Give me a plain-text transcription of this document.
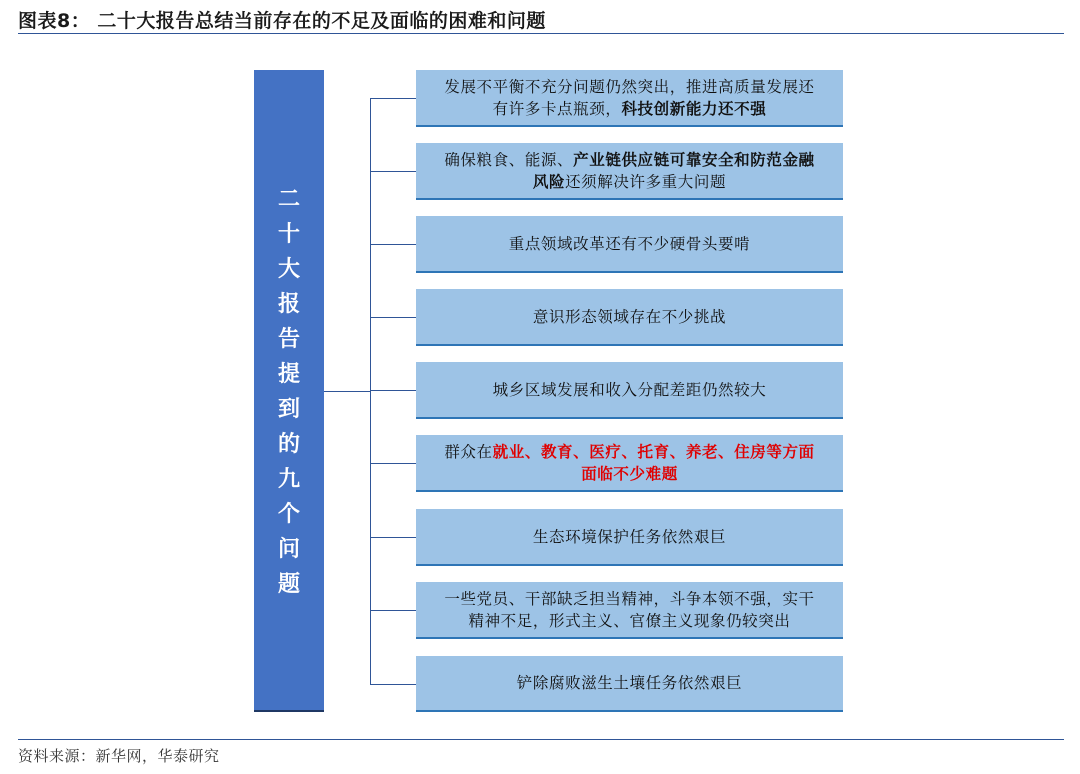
图表8： 二十大报告总结当前存在的不足及面临的困难和问题
二
十
大
报
告
提
到
的
九
个
问
题
发展不平衡不充分问题仍然突出，推进高质量发展还
有许多卡点瓶颈，科技创新能力还不强
确保粮食、能源、产业链供应链可靠安全和防范金融
风险还须解决许多重大问题
重点领域改革还有不少硬骨头要啃
意识形态领域存在不少挑战
城乡区域发展和收入分配差距仍然较大
群众在就业、教育、医疗、托育、养老、住房等方面
面临不少难题
生态环境保护任务依然艰巨
一些党员、干部缺乏担当精神，斗争本领不强，实干
精神不足，形式主义、官僚主义现象仍较突出
铲除腐败滋生土壤任务依然艰巨
资料来源：新华网，华泰研究
